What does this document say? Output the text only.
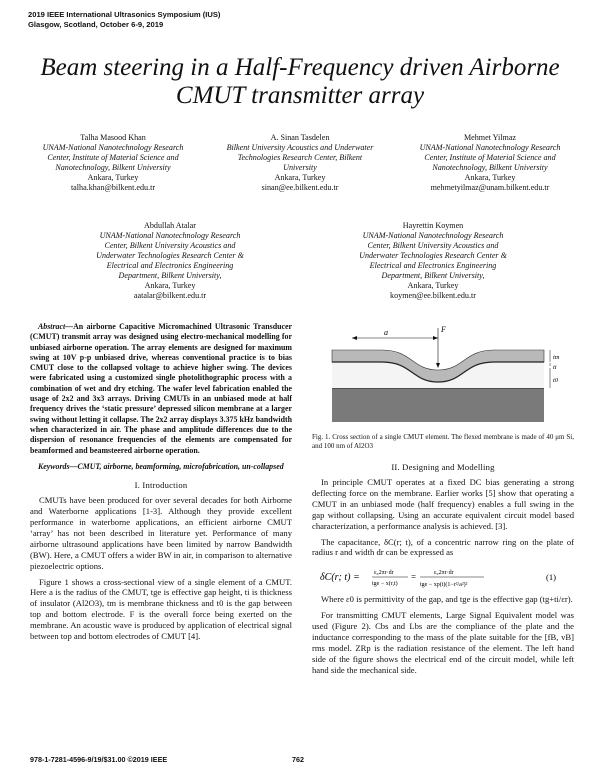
2019 IEEE International Ultrasonics Symposium (IUS)
Glasgow, Scotland, October 6-9, 2019
Beam steering in a Half-Frequency driven Airborne
CMUT transmitter array
Talha Masood Khan
UNAM-National Nanotechnology Research
Center, Institute of Material Science and
Nanotechnology, Bilkent University
Ankara, Turkey
talha.khan@bilkent.edu.tr
A. Sinan Tasdelen
Bilkent University Acoustics and Underwater
Technologies Research Center, Bilkent
University
Ankara, Turkey
sinan@ee.bilkent.edu.tr
Mehmet Yilmaz
UNAM-National Nanotechnology Research
Center, Institute of Material Science and
Nanotechnology, Bilkent University
Ankara, Turkey
mehmetyilmaz@unam.bilkent.edu.tr
Abdullah Atalar
UNAM-National Nanotechnology Research
Center, Bilkent University Acoustics and
Underwater Technologies Research Center &
Electrical and Electronics Engineering
Department, Bilkent University,
Ankara, Turkey
aatalar@bilkent.edu.tr
Hayrettin Koymen
UNAM-National Nanotechnology Research
Center, Bilkent University Acoustics and
Underwater Technologies Research Center &
Electrical and Electronics Engineering
Department, Bilkent University,
Ankara, Turkey
koymen@ee.bilkent.edu.tr
Abstract—An airborne Capacitive Micromachined Ultrasonic Transducer (CMUT) transmit array was designed using electro-mechanical modelling for unbiased airborne operation. The array elements are designed for maximum swing at 10V p-p unbiased drive, whereas conventional practice is to bias CMUT close to the collapsed voltage to achieve higher swing. The devices were fabricated using a customized single photolithographic process with a combination of wet and dry etching. The wafer level fabrication enabled the usage of 2x2 and 3x3 arrays. Driving CMUTs in an unbiased mode at half frequency drives the ‘static pressure’ depressed silicon membrane at a larger swing without letting it collapse. The 2x2 array displays 3.375 kHz bandwidth when characterized in air. The phase and amplitude differences due to the dispersion of resonance frequencies of the elements are compensated for beamformed and beamsteered airborne operation.
Keywords—CMUT, airborne, beamforming, microfabrication, un-collapsed
I. Introduction

CMUTs have been produced for over several decades for both Airborne and Waterborne applications [1-3]. Although they provide excellent performance in waterborne applications, an efficient airborne CMUT ‘array’ has not been described in literature yet. Performance of many airborne ultrasound applications have been limited by narrow Bandwidth (BW). Here, a CMUT offers a wider BW in air, in comparison to alternative piezoelectric options.

Figure 1 shows a cross-sectional view of a single element of a CMUT. Here a is the radius of the CMUT, tge is effective gap height, ti is thickness of insulator (Al2O3), tm is membrane thickness and t0 is the gap between top and bottom electrode. F is the overall force being exerted on the membrane. An acoustic wave is produced by application of electrical signal between top and bottom electrodes of CMUT [4].

a	F
tm
ti
t0
Fig. 1. Cross section of a single CMUT element. The flexed membrane is made of 40 μm Si, and 100 nm of Al2O3
II. Designing and Modelling

In principle CMUT operates at a fixed DC bias generating a strong deflecting force on the membrane. Earlier works [5] show that operating a CMUT in an unbiased mode (half frequency) enables a full swing in the gap without collapsing. Using an accurate equivalent circuit model based characterization, a performance analysis is achieved. [3].

The capacitance, δC(r; t), of a concentric narrow ring on the plate of radius r and width dr can be expressed as

δC(r; t) = ε₀2πr·dr
tge − x(r,t)
=	ε₀2πr·dr
tge − xp(t)(1−r²/a²)²
(1)

Where ε0 is permittivity of the gap, and tge is the effective gap (tg+ti/εr).

For transmitting CMUT elements, Large Signal Equivalent model was used (Figure 2). Cbs and Lbs are the compliance of the plate and the inductance corresponding to the mass of the plate suitable for the [fB, vB] rms model. ZRp is the radiation resistance of the element. The left hand side of the figure shows the electrical end of the circuit model, while left hand side the mechanical side.

978-1-7281-4596-9/19/$31.00 ©2019 IEEE	762
